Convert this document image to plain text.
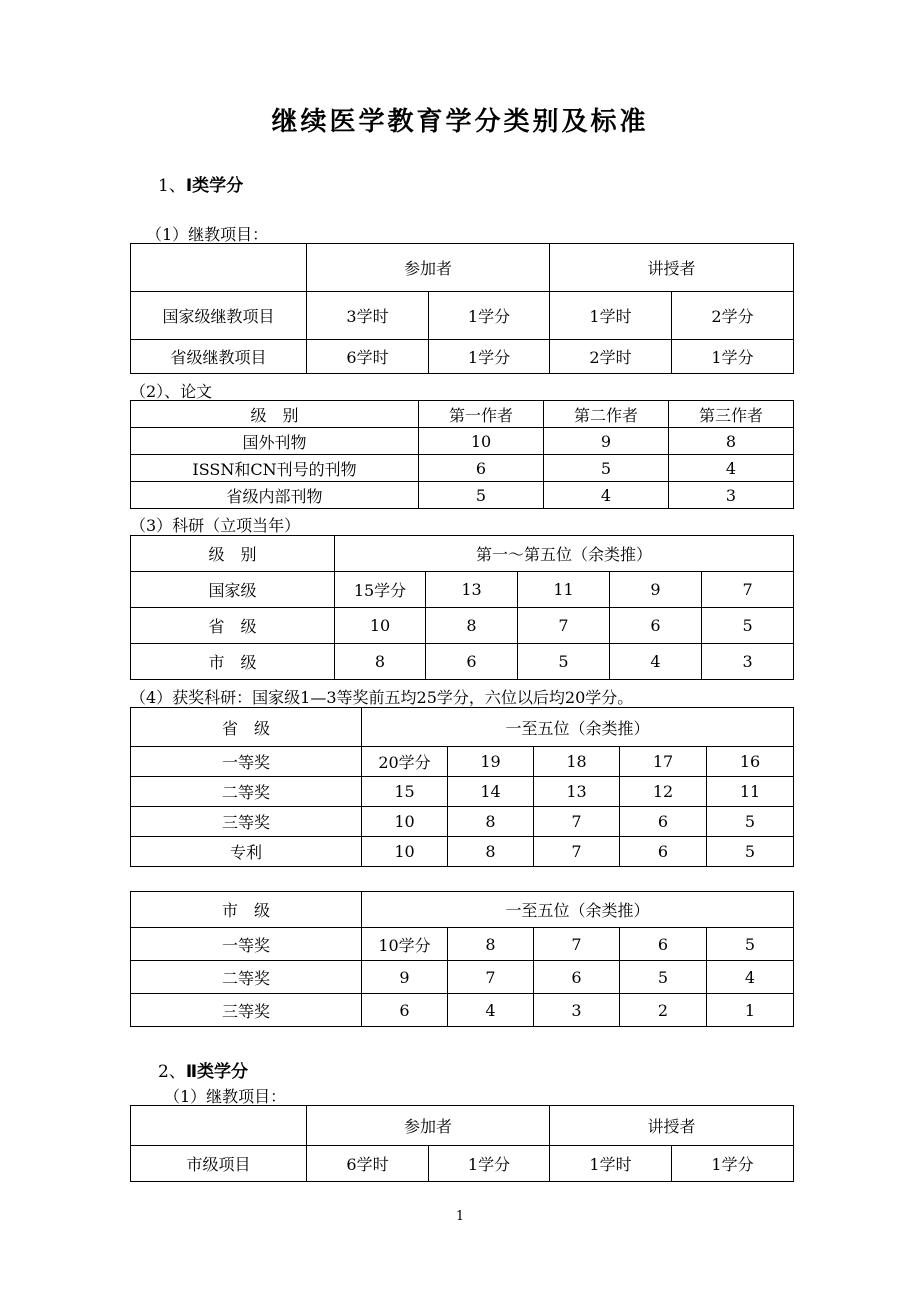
继续医学教育学分类别及标准
1、Ⅰ类学分
（1）继教项目：
	参加者		讲授者	
国家级继教项目	3学时	1学分	1学时	2学分
省级继教项目	6学时	1学分	2学时	1学分
（2）、论文
级　别	第一作者	第二作者	第三作者
国外刊物	10	9	8
ISSN和CN刊号的刊物	6	5	4
省级内部刊物	5	4	3
（3）科研（立项当年）
级　别	第一～第五位（余类推）				
国家级	15学分	13	11	9	7
省　级	10	8	7	6	5
市　级	8	6	5	4	3
（4）获奖科研：国家级1—3等奖前五均25学分，六位以后均20学分。
省　级	一至五位（余类推）				
一等奖	20学分	19	18	17	16
二等奖	15	14	13	12	11
三等奖	10	8	7	6	5
专利	10	8	7	6	5
市　级	一至五位（余类推）				
一等奖	10学分	8	7	6	5
二等奖	9	7	6	5	4
三等奖	6	4	3	2	1
2、Ⅱ类学分
（1）继教项目：
	参加者		讲授者	
市级项目	6学时	1学分	1学时	1学分
1
